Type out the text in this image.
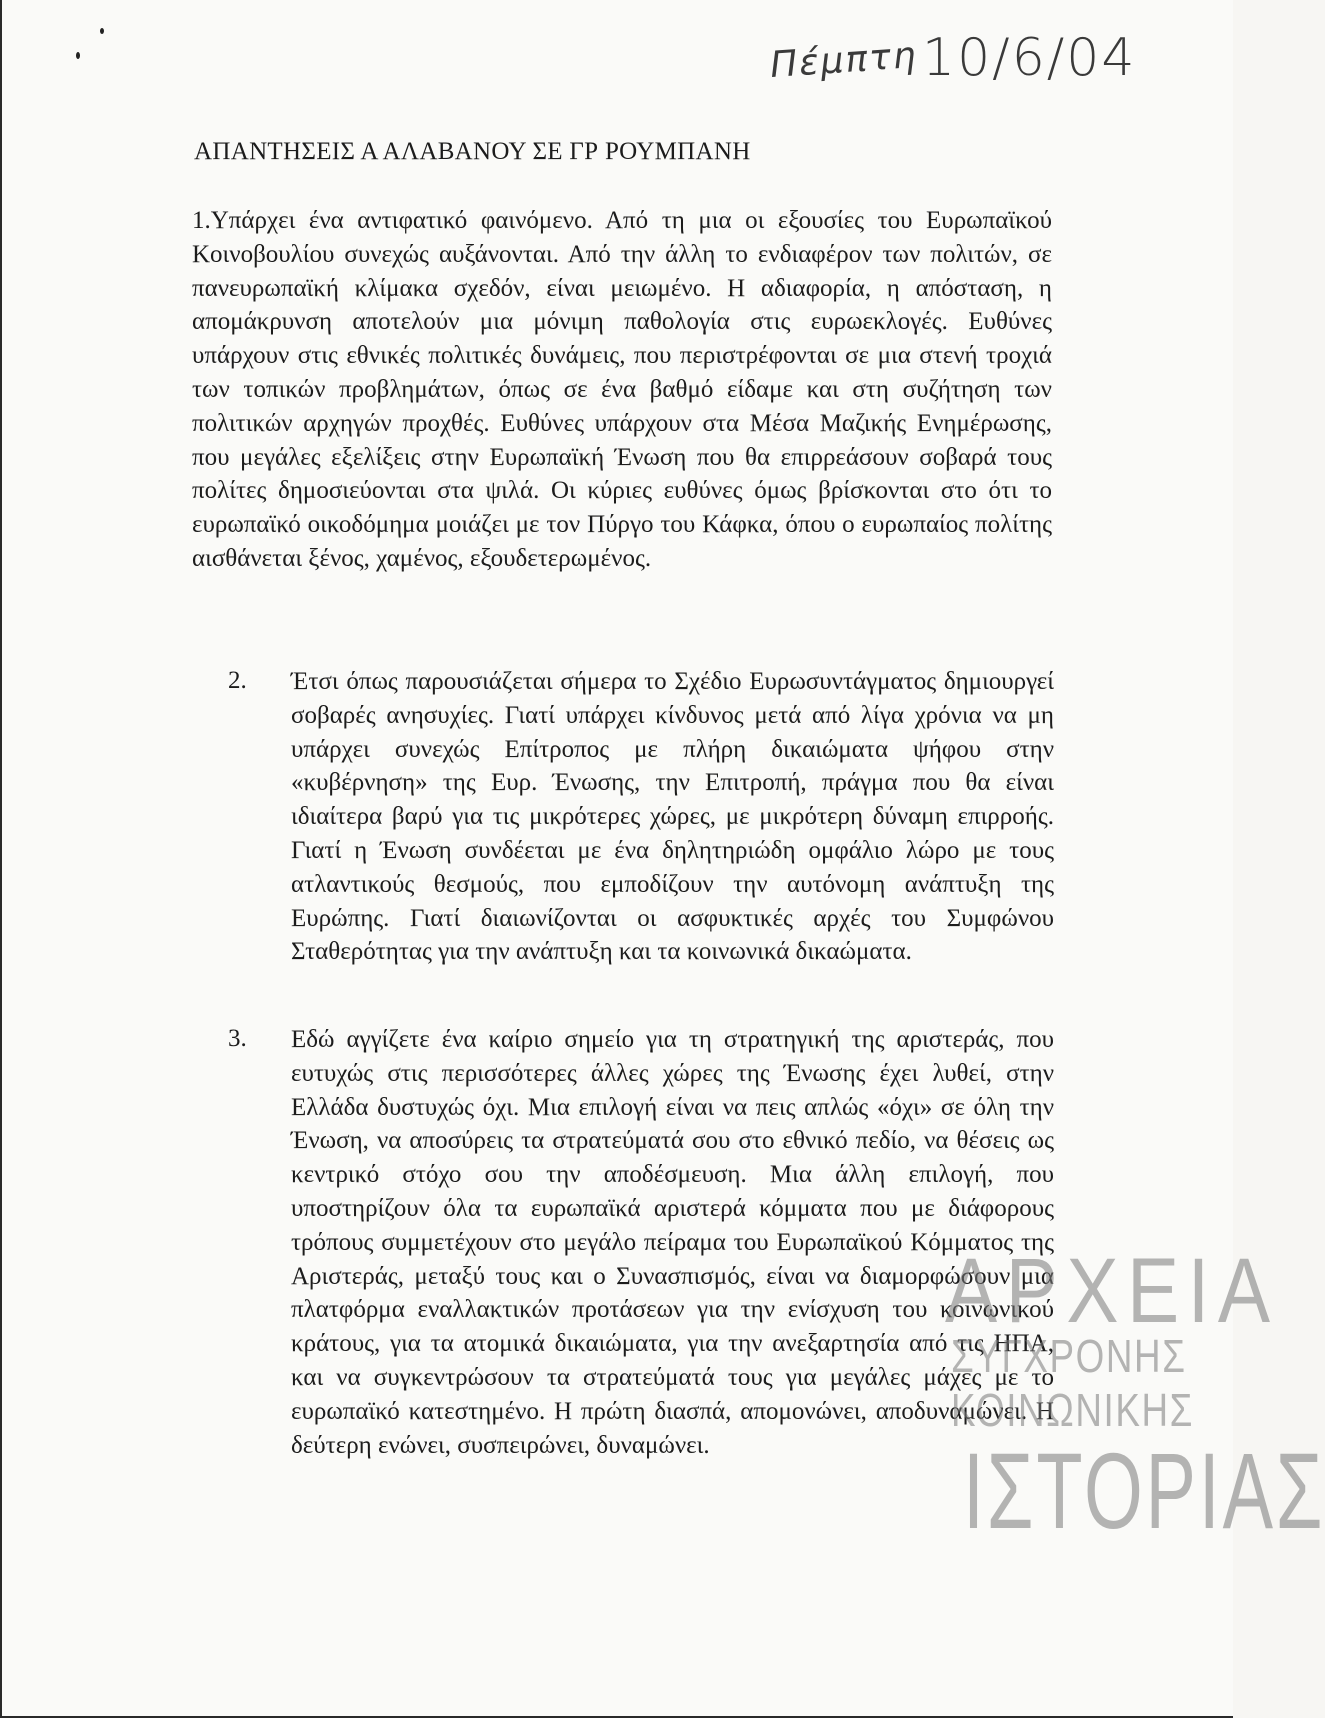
Πέμπτη 10/6/04
ΑΠΑΝΤΗΣΕΙΣ Α ΑΛΑΒΑΝΟΥ ΣΕ ΓΡ ΡΟΥΜΠΑΝΗ

1.Υπάρχει ένα αντιφατικό φαινόμενο. Από τη μια οι εξουσίες του Ευρωπαϊκού Κοινοβουλίου συνεχώς αυξάνονται. Από την άλλη το ενδιαφέρον των πολιτών, σε πανευρωπαϊκή κλίμακα σχεδόν, είναι μειωμένο. Η αδιαφορία, η απόσταση, η απομάκρυνση αποτελούν μια μόνιμη παθολογία στις ευρωεκλογές. Ευθύνες υπάρχουν στις εθνικές πολιτικές δυνάμεις, που περιστρέφονται σε μια στενή τροχιά των τοπικών προβλημάτων, όπως σε ένα βαθμό είδαμε και στη συζήτηση των πολιτικών αρχηγών προχθές. Ευθύνες υπάρχουν στα Μέσα Μαζικής Ενημέρωσης, που μεγάλες εξελίξεις στην Ευρωπαϊκή Ένωση που θα επιρρεάσουν σοβαρά τους πολίτες δημοσιεύονται στα ψιλά. Οι κύριες ευθύνες όμως βρίσκονται στο ότι το ευρωπαϊκό οικοδόμημα μοιάζει με τον Πύργο του Κάφκα, όπου ο ευρωπαίος πολίτης αισθάνεται ξένος, χαμένος, εξουδετερωμένος.

2. Έτσι όπως παρουσιάζεται σήμερα το Σχέδιο Ευρωσυντάγματος δημιουργεί σοβαρές ανησυχίες. Γιατί υπάρχει κίνδυνος μετά από λίγα χρόνια να μη υπάρχει συνεχώς Επίτροπος με πλήρη δικαιώματα ψήφου στην «κυβέρνηση» της Ευρ. Ένωσης, την Επιτροπή, πράγμα που θα είναι ιδιαίτερα βαρύ για τις μικρότερες χώρες, με μικρότερη δύναμη επιρροής. Γιατί η Ένωση συνδέεται με ένα δηλητηριώδη ομφάλιο λώρο με τους ατλαντικούς θεσμούς, που εμποδίζουν την αυτόνομη ανάπτυξη της Ευρώπης. Γιατί διαιωνίζονται οι ασφυκτικές αρχές του Συμφώνου Σταθερότητας για την ανάπτυξη και τα κοινωνικά δικαώματα.

3. Εδώ αγγίζετε ένα καίριο σημείο για τη στρατηγική της αριστεράς, που ευτυχώς στις περισσότερες άλλες χώρες της Ένωσης έχει λυθεί, στην Ελλάδα δυστυχώς όχι. Μια επιλογή είναι να πεις απλώς «όχι» σε όλη την Ένωση, να αποσύρεις τα στρατεύματά σου στο εθνικό πεδίο, να θέσεις ως κεντρικό στόχο σου την αποδέσμευση. Μια άλλη επιλογή, που υποστηρίζουν όλα τα ευρωπαϊκά αριστερά κόμματα που με διάφορους τρόπους συμμετέχουν στο μεγάλο πείραμα του Ευρωπαϊκού Κόμματος της Αριστεράς, μεταξύ τους και ο Συνασπισμός, είναι να διαμορφώσουν μια πλατφόρμα εναλλακτικών προτάσεων για την ενίσχυση του κοινωνικού κράτους, για τα ατομικά δικαιώματα, για την ανεξαρτησία από τις ΗΠΑ, και να συγκεντρώσουν τα στρατεύματά τους για μεγάλες μάχες με το ευρωπαϊκό κατεστημένο. Η πρώτη διασπά, απομονώνει, αποδυναμώνει. Η δεύτερη ενώνει, συσπειρώνει, δυναμώνει.

ΑΡΧΕΙΑ
ΣΥΓΧΡΟΝΗΣ
ΚΟΙΝΩΝΙΚΗΣ
ΙΣΤΟΡΙΑΣ
